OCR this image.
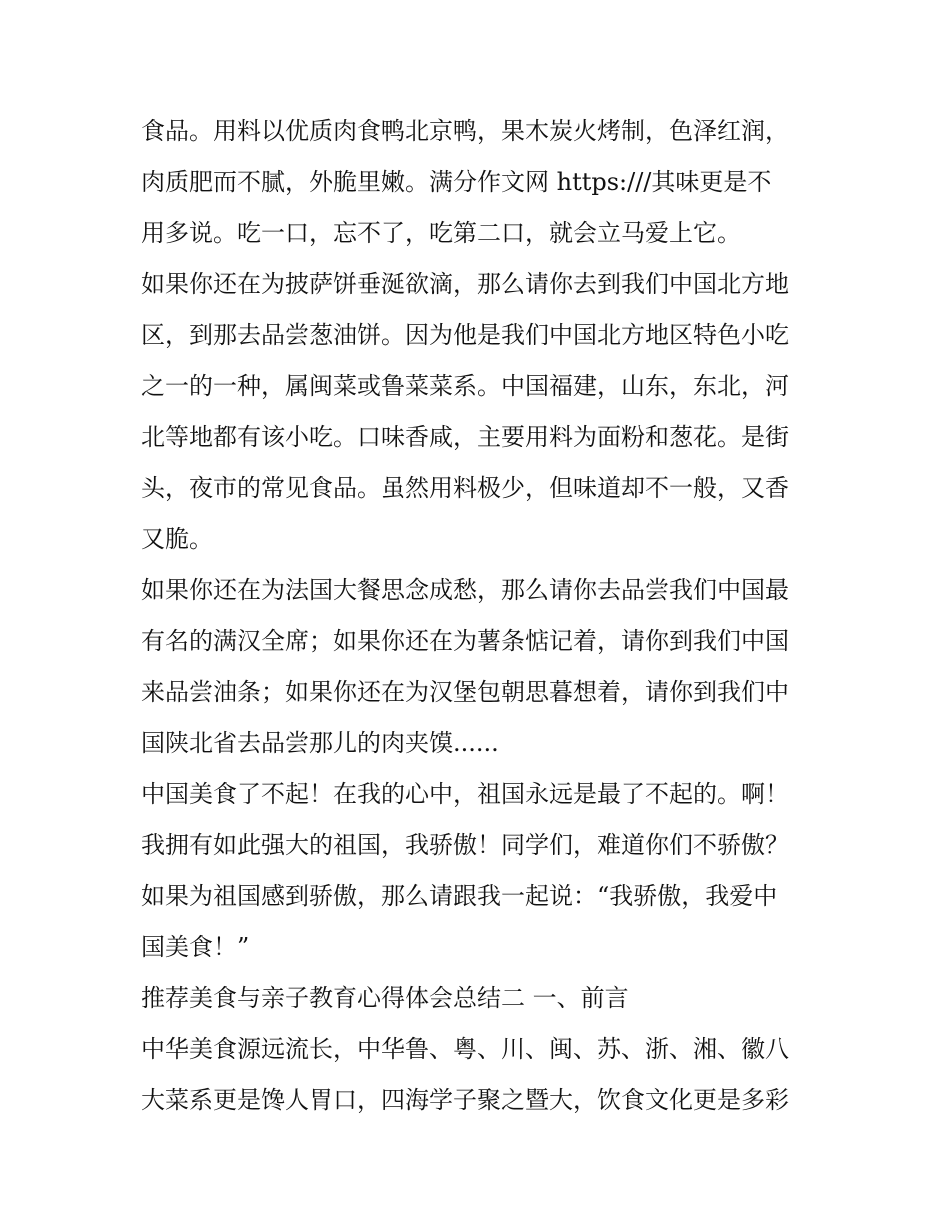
食品。用料以优质肉食鸭北京鸭，果木炭火烤制，色泽红润，
肉质肥而不腻，外脆里嫩。满分作文网 https:///其味更是不
用多说。吃一口，忘不了，吃第二口，就会立马爱上它。
如果你还在为披萨饼垂涎欲滴，那么请你去到我们中国北方地
区，到那去品尝葱油饼。因为他是我们中国北方地区特色小吃
之一的一种，属闽菜或鲁菜菜系。中国福建，山东，东北，河
北等地都有该小吃。口味香咸，主要用料为面粉和葱花。是街
头，夜市的常见食品。虽然用料极少，但味道却不一般，又香
又脆。
如果你还在为法国大餐思念成愁，那么请你去品尝我们中国最
有名的满汉全席；如果你还在为薯条惦记着，请你到我们中国
来品尝油条；如果你还在为汉堡包朝思暮想着，请你到我们中
国陕北省去品尝那儿的肉夹馍......
中国美食了不起！在我的心中，祖国永远是最了不起的。啊！
我拥有如此强大的祖国，我骄傲！同学们，难道你们不骄傲？
如果为祖国感到骄傲，那么请跟我一起说：“我骄傲，我爱中
国美食！”
推荐美食与亲子教育心得体会总结二 一、前言
中华美食源远流长，中华鲁、粤、川、闽、苏、浙、湘、徽八
大菜系更是馋人胃口，四海学子聚之暨大，饮食文化更是多彩
